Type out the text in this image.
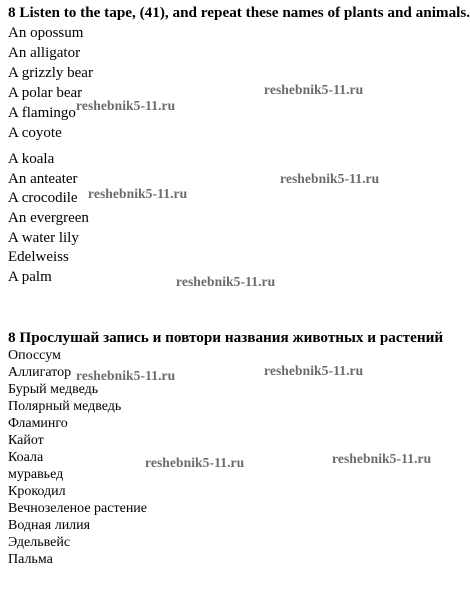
8 Listen to the tape, (41), and repeat these names of plants and animals.
An opossum
An alligator
A grizzly bear
A polar bear
A flamingo
A coyote
A koala
An anteater
A crocodile
An evergreen
A water lily
Edelweiss
A palm
8 Прослушай запись и повтори названия животных и растений
Опоссум
Аллигатор
Бурый медведь
Полярный медведь
Фламинго
Кайот
Коала
муравьед
Крокодил
Вечнозеленое растение
Водная лилия
Эдельвейс
Пальма
reshebnik5-11.ru
reshebnik5-11.ru
reshebnik5-11.ru
reshebnik5-11.ru
reshebnik5-11.ru
reshebnik5-11.ru
reshebnik5-11.ru
reshebnik5-11.ru
reshebnik5-11.ru
